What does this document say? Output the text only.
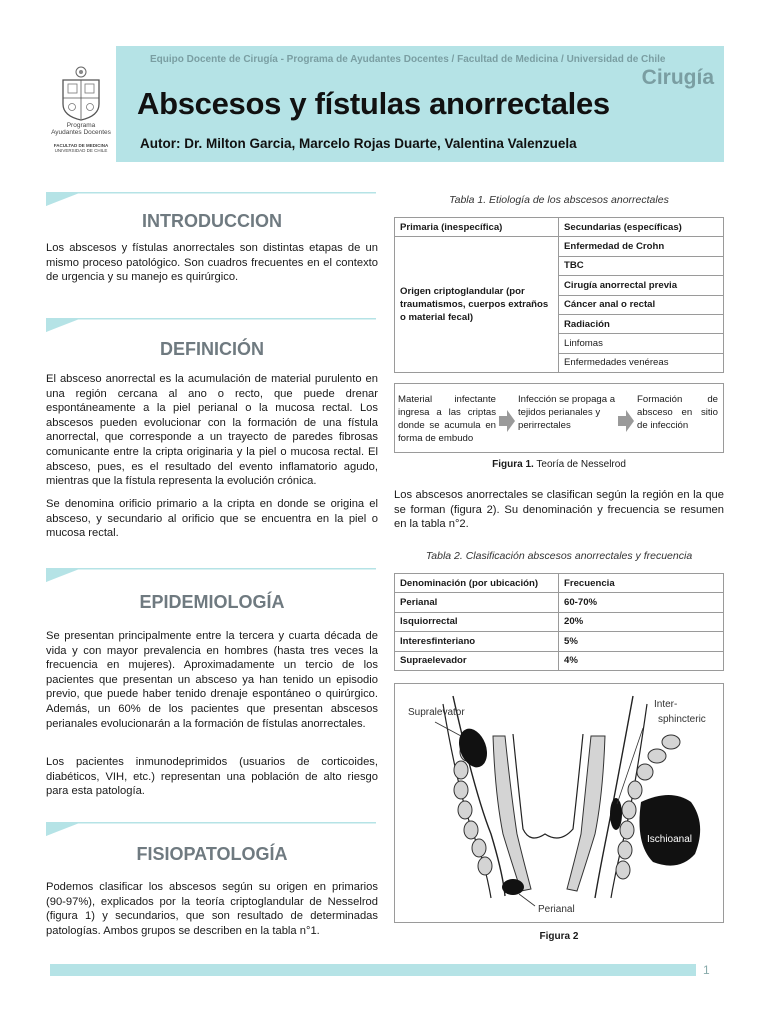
Programa
Ayudantes Docentes
FACULTAD DE MEDICINA
UNIVERSIDAD DE CHILE
Equipo Docente de Cirugía - Programa de Ayudantes Docentes / Facultad de Medicina / Universidad de Chile
Cirugía
Abscesos y fístulas anorrectales
Autor: Dr. Milton Garcia, Marcelo Rojas Duarte, Valentina Valenzuela
INTRODUCCION
Los abscesos y fístulas anorrectales son distintas etapas de un mismo proceso patológico. Son cuadros frecuentes en el contexto de urgencia y su manejo es quirúrgico.
DEFINICIÓN
El absceso anorrectal es la acumulación de material purulento en una región cercana al ano o recto, que puede drenar espontáneamente a la piel perianal o la mucosa rectal. Los abscesos pueden evolucionar con la formación de una fístula anorrectal, que corresponde a un trayecto de paredes fibrosas comunicante entre la cripta originaria y la piel o mucosa rectal. El absceso, pues, es el resultado del evento inflamatorio agudo, mientras que la fístula representa la evolución crónica.
Se denomina orificio primario a la cripta en donde se origina el absceso, y secundario al orificio que se encuentra en la piel o mucosa rectal.
EPIDEMIOLOGÍA
Se presentan principalmente entre la tercera y cuarta década de vida y con mayor prevalencia en hombres (hasta tres veces la frecuencia en mujeres). Aproximadamente un tercio de los pacientes que presentan un absceso ya han tenido un episodio previo, que puede haber tenido drenaje espontáneo o quirúrgico. Además, un 60% de los pacientes que presentan abscesos perianales evolucionarán a la formación de fístulas anorrectales.
Los pacientes inmunodeprimidos (usuarios de corticoides, diabéticos, VIH, etc.) representan una población de alto riesgo para esta patología.
FISIOPATOLOGÍA
Podemos clasificar los abscesos según su origen en primarios (90-97%), explicados por la teoría criptoglandular de Nesselrod (figura 1) y secundarios, que son resultado de determinadas patologías. Ambos grupos se describen en la tabla n°1.
Tabla 1. Etiología de los abscesos anorrectales
Primaria (inespecífica)	Secundarias (específicas)
Origen criptoglandular (por traumatismos, cuerpos extraños o material fecal)	Enfermedad de Crohn
	TBC
	Cirugía anorrectal previa
	Cáncer anal o rectal
	Radiación
	Linfomas
	Enfermedades venéreas
Material infectante ingresa a las criptas donde se acumula en forma de embudo
Infección se propaga a tejidos perianales y perirrectales
Formación de absceso en sitio de infección
Figura 1. Teoría de Nesselrod
Los abscesos anorrectales se clasifican según la región en la que se forman (figura 2). Su denominación y frecuencia se resumen en la tabla n°2.
Tabla 2. Clasificación abscesos anorrectales y frecuencia
Denominación (por ubicación)	Frecuencia
Perianal	60-70%
Isquiorrectal	20%
Interesfinteriano	5%
Supraelevador	4%
Supralevator
Inter-
sphincteric
Ischioanal
Perianal
Figura 2
1
